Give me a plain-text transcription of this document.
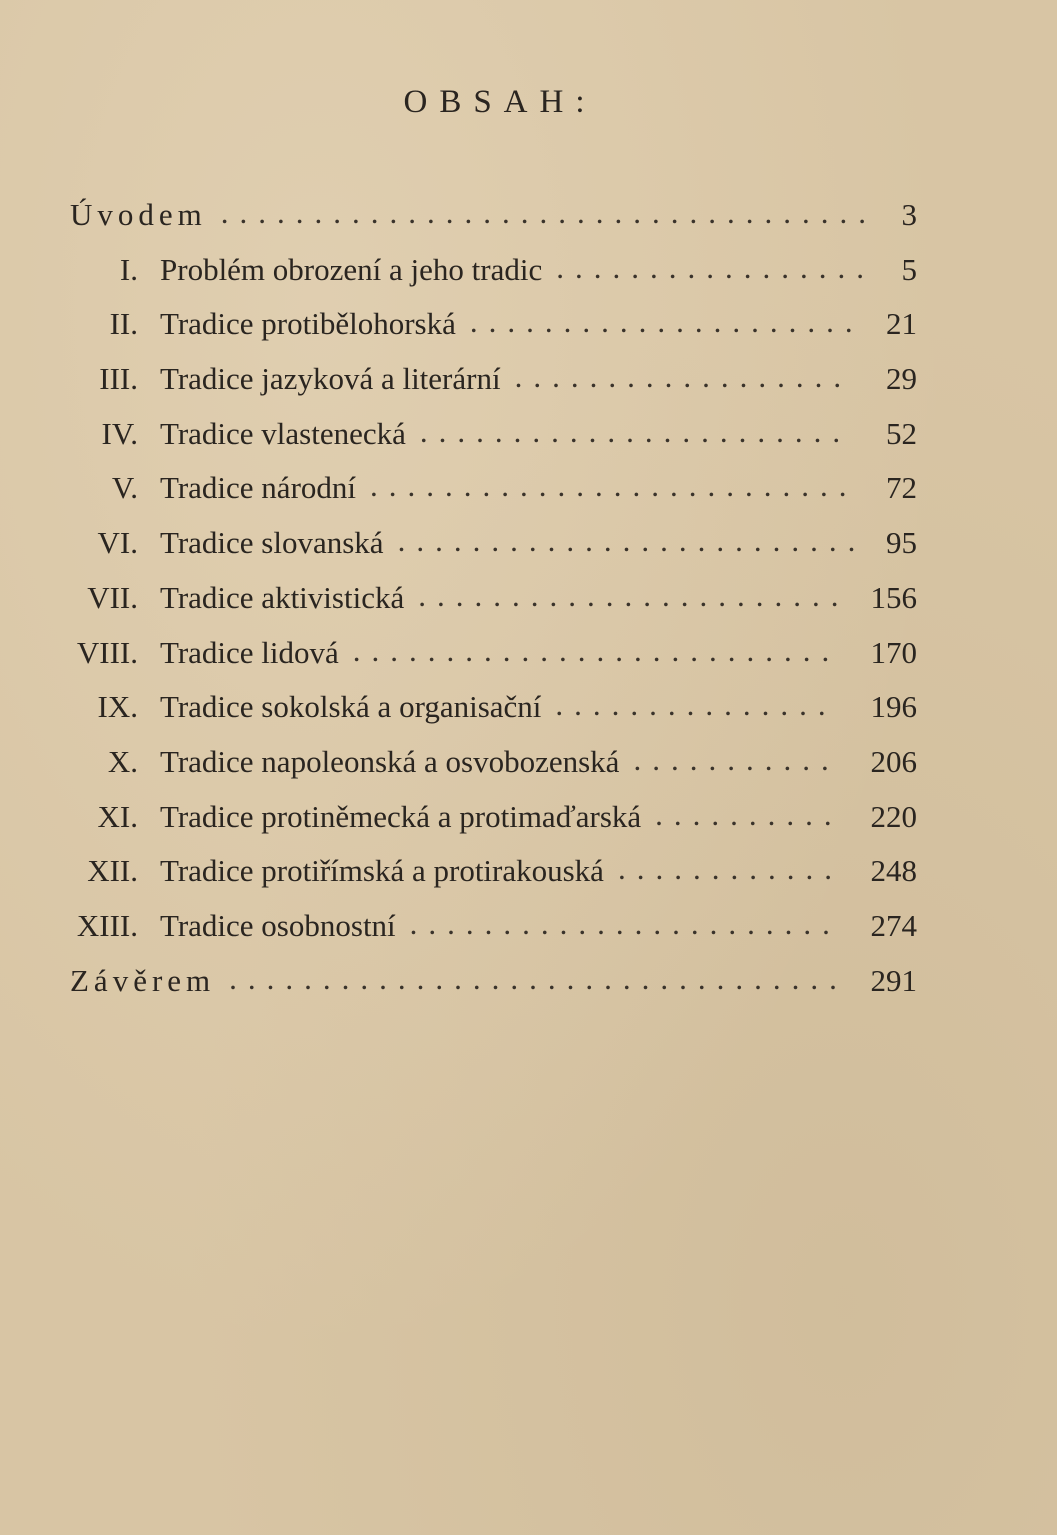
OBSAH:
Úvodem ................................... 3
I. Problém obrození a jeho tradic ................. 5
II. Tradice protibělohorská ..................... 21
III. Tradice jazyková a literární .................. 29
IV. Tradice vlastenecká ....................... 52
V. Tradice národní .......................... 72
VI. Tradice slovanská ......................... 95
VII. Tradice aktivistická ....................... 156
VIII. Tradice lidová .......................... 170
IX. Tradice sokolská a organisační ............... 196
X. Tradice napoleonská a osvobozenská ........... 206
XI. Tradice protiněmecká a protimaďarská .......... 220
XII. Tradice protiřímská a protirakouská ............ 248
XIII. Tradice osobnostní ....................... 274
Závěrem ................................. 291
